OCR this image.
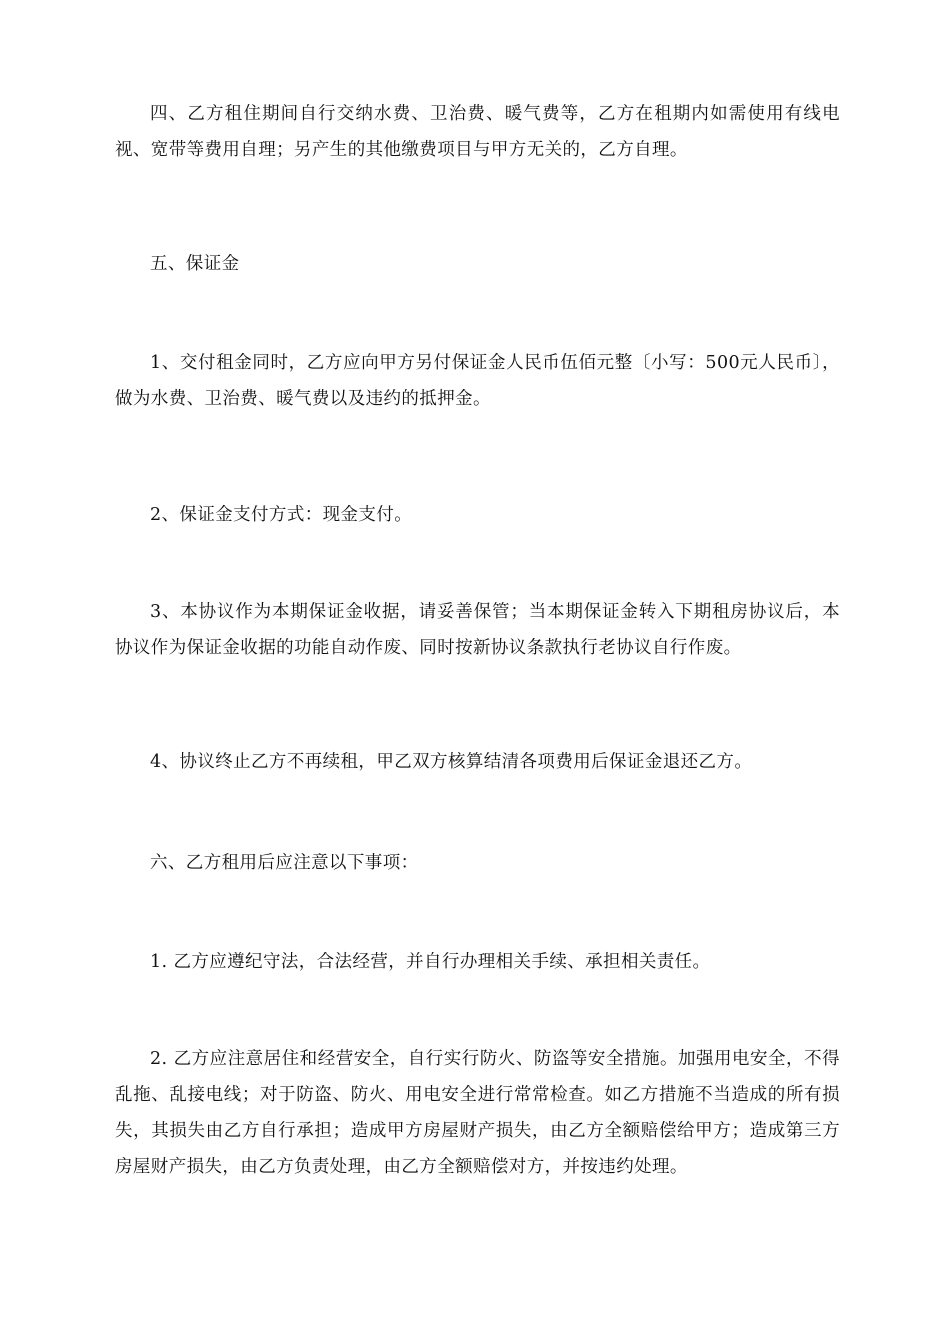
四、乙方租住期间自行交纳水费、卫治费、暖气费等，乙方在租期内如需使用有线电视、宽带等费用自理；另产生的其他缴费项目与甲方无关的，乙方自理。

五、保证金

1、交付租金同时，乙方应向甲方另付保证金人民币伍佰元整〔小写：500元人民币〕，做为水费、卫治费、暖气费以及违约的抵押金。

2、保证金支付方式：现金支付。

3、本协议作为本期保证金收据，请妥善保管；当本期保证金转入下期租房协议后，本协议作为保证金收据的功能自动作废、同时按新协议条款执行老协议自行作废。

4、协议终止乙方不再续租，甲乙双方核算结清各项费用后保证金退还乙方。

六、乙方租用后应注意以下事项：

1. 乙方应遵纪守法，合法经营，并自行办理相关手续、承担相关责任。

2. 乙方应注意居住和经营安全，自行实行防火、防盗等安全措施。加强用电安全，不得乱拖、乱接电线；对于防盗、防火、用电安全进行常常检查。如乙方措施不当造成的所有损失，其损失由乙方自行承担；造成甲方房屋财产损失，由乙方全额赔偿给甲方；造成第三方房屋财产损失，由乙方负责处理，由乙方全额赔偿对方，并按违约处理。
